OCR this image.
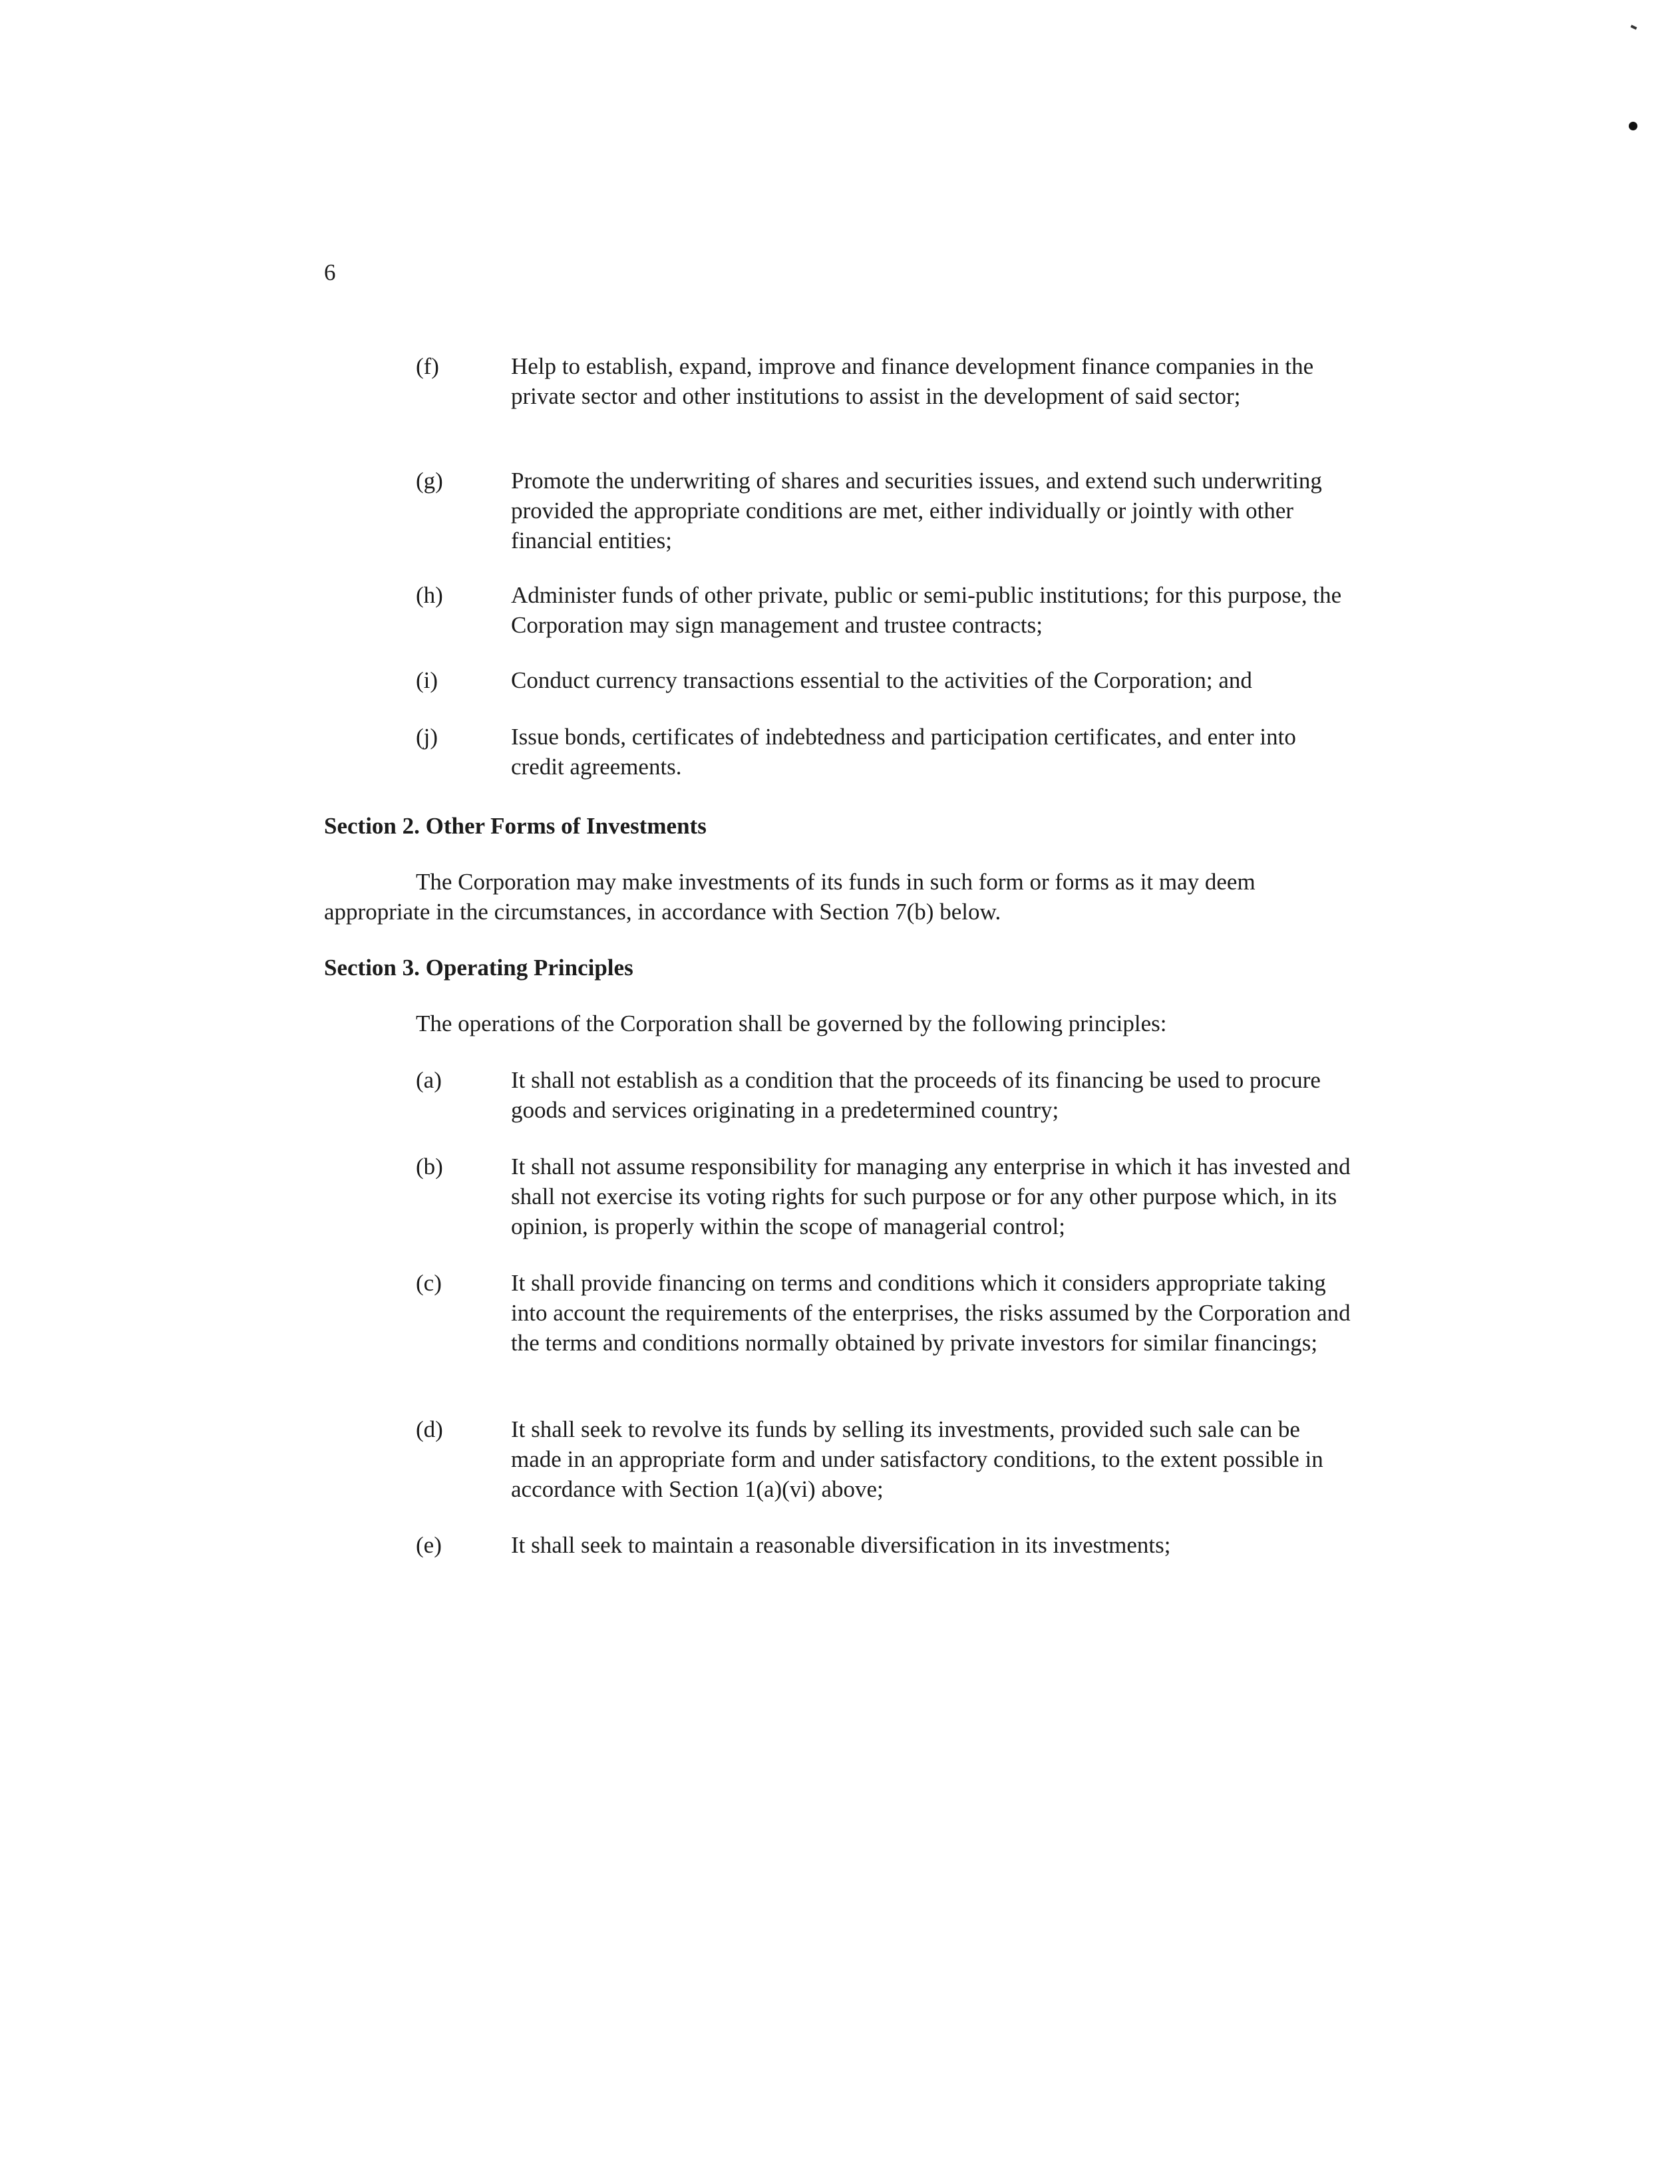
6
(f)	Help to establish, expand, improve and finance development finance companies in the private sector and other institutions to assist in the development of said sector;
(g)	Promote the underwriting of shares and securities issues, and extend such underwriting provided the appropriate conditions are met, either individually or jointly with other financial entities;
(h)	Administer funds of other private, public or semi-public institutions; for this purpose, the Corporation may sign management and trustee contracts;
(i)	Conduct currency transactions essential to the activities of the Corporation; and
(j)	Issue bonds, certificates of indebtedness and participation certificates, and enter into credit agreements.
Section 2. Other Forms of Investments
The Corporation may make investments of its funds in such form or forms as it may deem appropriate in the circumstances, in accordance with Section 7(b) below.
Section 3. Operating Principles
The operations of the Corporation shall be governed by the following principles:
(a)	It shall not establish as a condition that the proceeds of its financing be used to procure goods and services originating in a predetermined country;
(b)	It shall not assume responsibility for managing any enterprise in which it has invested and shall not exercise its voting rights for such purpose or for any other purpose which, in its opinion, is properly within the scope of managerial control;
(c)	It shall provide financing on terms and conditions which it considers appropriate taking into account the requirements of the enterprises, the risks assumed by the Corporation and the terms and conditions normally obtained by private investors for similar financings;
(d)	It shall seek to revolve its funds by selling its investments, provided such sale can be made in an appropriate form and under satisfactory conditions, to the extent possible in accordance with Section 1(a)(vi) above;
(e)	It shall seek to maintain a reasonable diversification in its investments;
